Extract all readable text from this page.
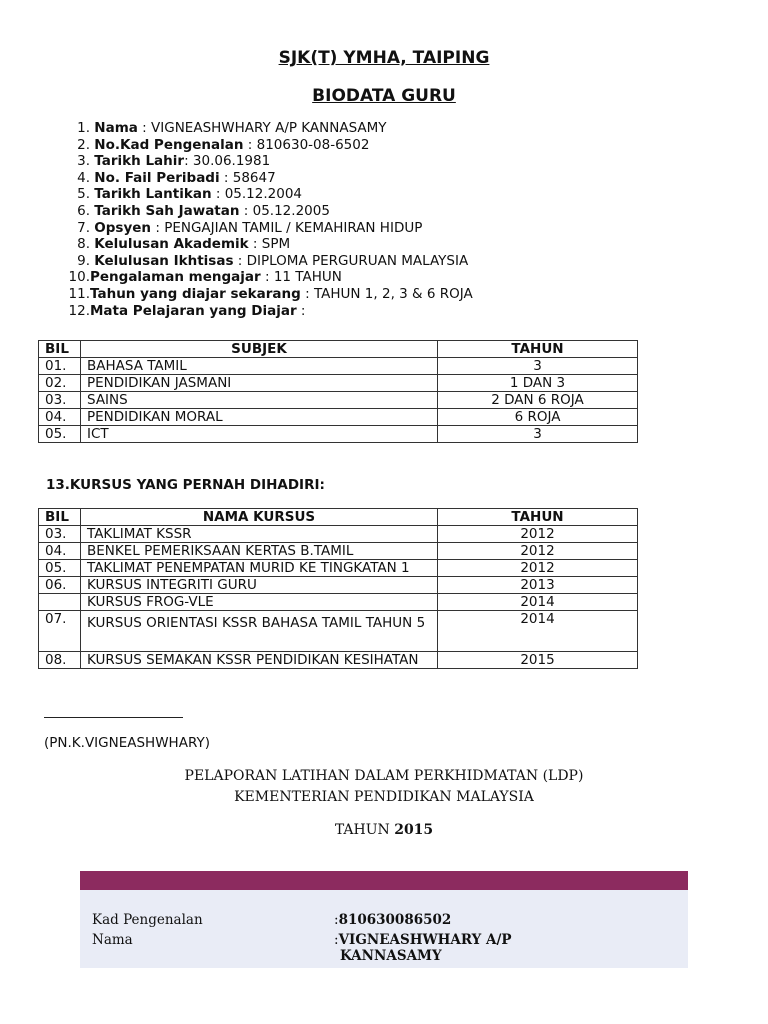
SJK(T) YMHA, TAIPING
BIODATA GURU
1. Nama : VIGNEASHWHARY A/P KANNASAMY
2. No.Kad Pengenalan : 810630-08-6502
3. Tarikh Lahir: 30.06.1981
4. No. Fail Peribadi : 58647
5. Tarikh Lantikan : 05.12.2004
6. Tarikh Sah Jawatan : 05.12.2005
7. Opsyen : PENGAJIAN TAMIL / KEMAHIRAN HIDUP
8. Kelulusan Akademik : SPM
9. Kelulusan Ikhtisas : DIPLOMA PERGURUAN MALAYSIA
10.Pengalaman mengajar : 11 TAHUN
11.Tahun yang diajar sekarang : TAHUN 1, 2, 3 & 6 ROJA
12.Mata Pelajaran yang Diajar :
BIL	SUBJEK	TAHUN
01.	BAHASA TAMIL	3
02.	PENDIDIKAN JASMANI	1 DAN 3
03.	SAINS	2 DAN 6 ROJA
04.	PENDIDIKAN MORAL	6 ROJA
05.	ICT	3
13.KURSUS YANG PERNAH DIHADIRI:
BIL	NAMA KURSUS	TAHUN
03.	TAKLIMAT KSSR	2012
04.	BENKEL PEMERIKSAAN KERTAS B.TAMIL	2012
05.	TAKLIMAT PENEMPATAN MURID KE TINGKATAN 1	2012
06.	KURSUS INTEGRITI GURU	2013
	KURSUS FROG-VLE	2014
07.	KURSUS ORIENTASI KSSR BAHASA TAMIL TAHUN 5	2014
08.	KURSUS SEMAKAN KSSR PENDIDIKAN KESIHATAN	2015
(PN.K.VIGNEASHWHARY)
PELAPORAN LATIHAN DALAM PERKHIDMATAN (LDP)
KEMENTERIAN PENDIDIKAN MALAYSIA
TAHUN 2015
Kad Pengenalan	:810630086502
Nama	:VIGNEASHWHARY A/P
KANNASAMY
